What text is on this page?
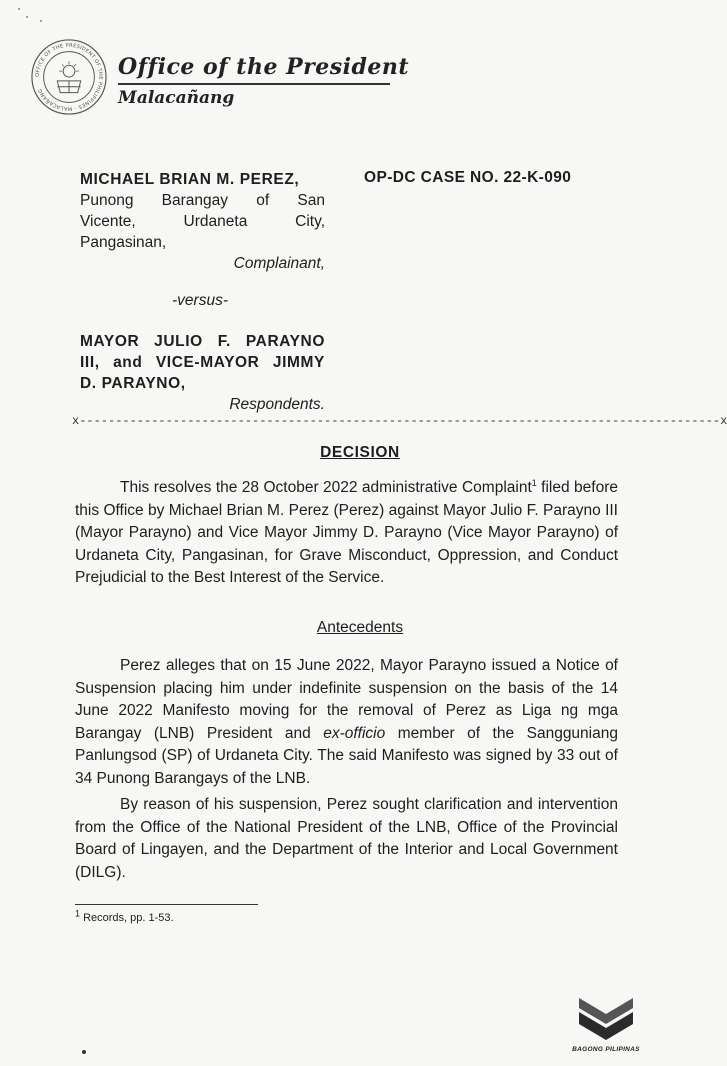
OFFICE OF THE PRESIDENT OF THE PHILIPPINES · MALACAÑANG
Office of the President
Malacañang
MICHAEL BRIAN M. PEREZ,
Punong Barangay of San
Vicente, Urdaneta City,
Pangasinan,
Complainant,
OP-DC CASE NO. 22-K-090
-versus-
MAYOR JULIO F. PARAYNO
III, and VICE-MAYOR JIMMY
D. PARAYNO,
Respondents.
x-----------------------------------------------------------------------------------------x
DECISION

This resolves the 28 October 2022 administrative Complaint$^1$ filed before this Office by Michael Brian M. Perez (Perez) against Mayor Julio F. Parayno III (Mayor Parayno) and Vice Mayor Jimmy D. Parayno (Vice Mayor Parayno) of Urdaneta City, Pangasinan, for Grave Misconduct, Oppression, and Conduct Prejudicial to the Best Interest of the Service.

Antecedents

Perez alleges that on 15 June 2022, Mayor Parayno issued a Notice of Suspension placing him under indefinite suspension on the basis of the 14 June 2022 Manifesto moving for the removal of Perez as Liga ng mga Barangay (LNB) President and ex-officio member of the Sangguniang Panlungsod (SP) of Urdaneta City. The said Manifesto was signed by 33 out of 34 Punong Barangays of the LNB.

By reason of his suspension, Perez sought clarification and intervention from the Office of the National President of the LNB, Office of the Provincial Board of Lingayen, and the Department of the Interior and Local Government (DILG).

$^1$ Records, pp. 1-53.
BAGONG PILIPINAS
